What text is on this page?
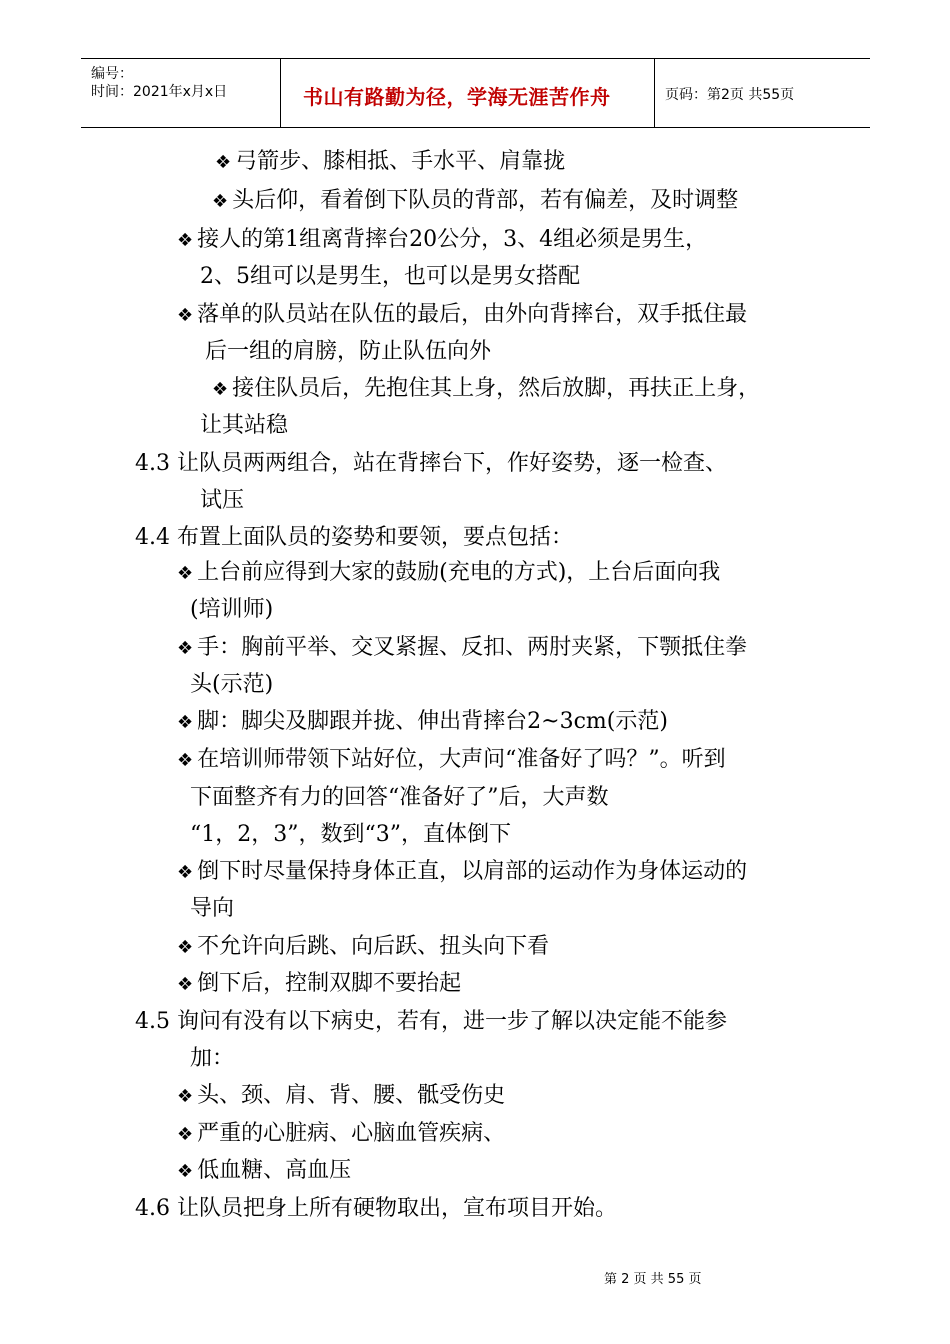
编号：
时间：2021年x月x日	书山有路勤为径，学海无涯苦作舟	页码：第2页 共55页
❖ 弓箭步、膝相抵、手水平、肩靠拢
❖ 头后仰，看着倒下队员的背部，若有偏差，及时调整
❖ 接人的第1组离背摔台20公分，3、4组必须是男生，
2、5组可以是男生，也可以是男女搭配
❖ 落单的队员站在队伍的最后，由外向背摔台，双手抵住最
后一组的肩膀，防止队伍向外
❖ 接住队员后，先抱住其上身，然后放脚，再扶正上身，
让其站稳
4.3 让队员两两组合，站在背摔台下，作好姿势，逐一检查、
试压
4.4 布置上面队员的姿势和要领，要点包括：
❖ 上台前应得到大家的鼓励(充电的方式)，上台后面向我
(培训师)
❖ 手：胸前平举、交叉紧握、反扣、两肘夹紧，下颚抵住拳
头(示范)
❖ 脚：脚尖及脚跟并拢、伸出背摔台2~3cm(示范)
❖ 在培训师带领下站好位，大声问“准备好了吗？”。听到
下面整齐有力的回答“准备好了”后，大声数
“1，2，3”，数到“3”，直体倒下
❖ 倒下时尽量保持身体正直，以肩部的运动作为身体运动的
导向
❖ 不允许向后跳、向后跃、扭头向下看
❖ 倒下后，控制双脚不要抬起
4.5 询问有没有以下病史，若有，进一步了解以决定能不能参
加：
❖ 头、颈、肩、背、腰、骶受伤史
❖ 严重的心脏病、心脑血管疾病、
❖ 低血糖、高血压
4.6 让队员把身上所有硬物取出，宣布项目开始。
第 2 页 共 55 页
